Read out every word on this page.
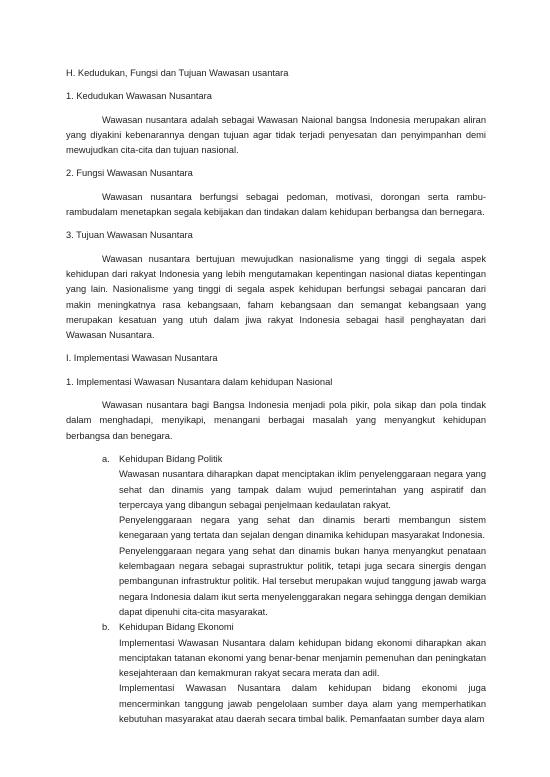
H. Kedudukan, Fungsi dan Tujuan Wawasan usantara
1. Kedudukan Wawasan Nusantara
Wawasan nusantara adalah sebagai Wawasan Naional bangsa Indonesia merupakan aliran yang diyakini kebenarannya dengan tujuan agar tidak terjadi penyesatan dan penyimpanhan demi mewujudkan cita-cita dan tujuan nasional.
2. Fungsi Wawasan Nusantara
Wawasan nusantara berfungsi sebagai pedoman, motivasi, dorongan serta rambu-rambudalam menetapkan segala kebijakan dan tindakan dalam kehidupan berbangsa dan bernegara.
3. Tujuan Wawasan Nusantara
Wawasan nusantara bertujuan mewujudkan nasionalisme yang tinggi di segala aspek kehidupan dari rakyat Indonesia yang lebih mengutamakan kepentingan nasional diatas kepentingan yang lain. Nasionalisme yang tinggi di segala aspek kehidupan berfungsi sebagai pancaran dari makin meningkatnya rasa kebangsaan, faham kebangsaan dan semangat kebangsaan yang merupakan kesatuan yang utuh dalam jiwa rakyat Indonesia sebagai hasil penghayatan dari Wawasan Nusantara.
I. Implementasi Wawasan Nusantara
1. Implementasi Wawasan Nusantara dalam kehidupan Nasional
Wawasan nusantara bagi Bangsa Indonesia menjadi pola pikir, pola sikap dan pola tindak dalam menghadapi, menyikapi, menangani berbagai masalah yang menyangkut kehidupan berbangsa dan benegara.
a. Kehidupan Bidang Politik
Wawasan nusantara diharapkan dapat menciptakan iklim penyelenggaraan negara yang sehat dan dinamis yang tampak dalam wujud pemerintahan yang aspiratif dan terpercaya yang dibangun sebagai penjelmaan kedaulatan rakyat.
Penyelenggaraan negara yang sehat dan dinamis berarti membangun sistem kenegaraan yang tertata dan sejalan dengan dinamika kehidupan masyarakat Indonesia.
Penyelenggaraan negara yang sehat dan dinamis bukan hanya menyangkut penataan kelembagaan negara sebagai suprastruktur politik, tetapi juga secara sinergis dengan pembangunan infrastruktur politik. Hal tersebut merupakan wujud tanggung jawab warga negara Indonesia dalam ikut serta menyelenggarakan negara sehingga dengan demikian dapat dipenuhi cita-cita masyarakat.
b. Kehidupan Bidang Ekonomi
Implementasi Wawasan Nusantara dalam kehidupan bidang ekonomi diharapkan akan menciptakan tatanan ekonomi yang benar-benar menjamin pemenuhan dan peningkatan kesejahteraan dan kemakmuran rakyat secara merata dan adil.
Implementasi Wawasan Nusantara dalam kehidupan bidang ekonomi juga mencerminkan tanggung jawab pengelolaan sumber daya alam yang memperhatikan kebutuhan masyarakat atau daerah secara timbal balik. Pemanfaatan sumber daya alam
